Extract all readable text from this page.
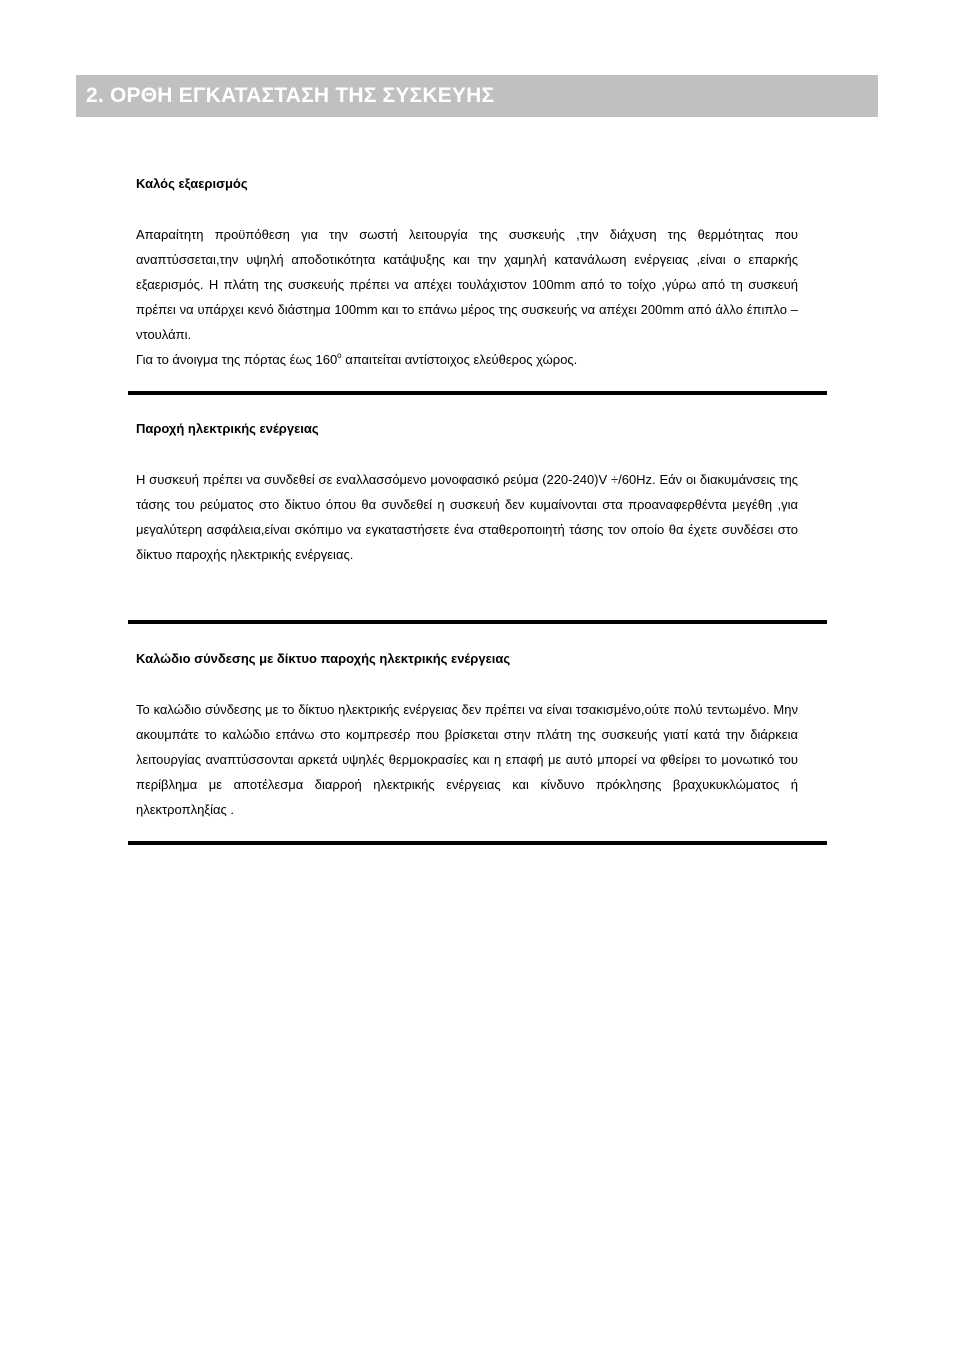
2. ΟΡΘΗ ΕΓΚΑΤΑΣΤΑΣΗ ΤΗΣ ΣΥΣΚΕΥΗΣ

Καλός εξαερισμός

Απαραίτητη προϋπόθεση για την σωστή λειτουργία της συσκευής ,την διάχυση της θερμότητας που αναπτύσσεται,την υψηλή αποδοτικότητα κατάψυξης και την χαμηλή κατανάλωση ενέργειας ,είναι ο επαρκής εξαερισμός. Η πλάτη της συσκευής πρέπει να απέχει τουλάχιστον 100mm από το τοίχο ,γύρω από τη συσκευή πρέπει να υπάρχει κενό διάστημα 100mm και το επάνω μέρος της συσκευής να απέχει 200mm από άλλο έπιπλο –ντουλάπι.

Για το άνοιγμα της πόρτας έως 160$^o$ απαιτείται αντίστοιχος ελεύθερος χώρος.

Παροχή ηλεκτρικής ενέργειας

Η συσκευή πρέπει να συνδεθεί σε εναλλασσόμενο μονοφασικό ρεύμα (220-240)V ÷/60Hz. Εάν οι διακυμάνσεις της τάσης του ρεύματος στο δίκτυο όπου θα συνδεθεί η συσκευή δεν κυμαίνονται στα προαναφερθέντα μεγέθη ,για μεγαλύτερη ασφάλεια,είναι σκόπιμο να εγκαταστήσετε ένα σταθεροποιητή τάσης τον οποίο θα έχετε συνδέσει στο δίκτυο παροχής ηλεκτρικής ενέργειας.

Καλώδιο σύνδεσης με δίκτυο παροχής ηλεκτρικής ενέργειας

Το καλώδιο σύνδεσης με το δίκτυο ηλεκτρικής ενέργειας δεν πρέπει να είναι τσακισμένο,ούτε πολύ τεντωμένο. Μην ακουμπάτε το καλώδιο επάνω στο κομπρεσέρ που βρίσκεται στην πλάτη της συσκευής γιατί κατά την διάρκεια λειτουργίας αναπτύσσονται αρκετά υψηλές θερμοκρασίες και η επαφή με αυτό μπορεί να φθείρει το μονωτικό του περίβλημα με αποτέλεσμα διαρροή ηλεκτρικής ενέργειας και κίνδυνο πρόκλησης βραχυκυκλώματος ή ηλεκτροπληξίας .
